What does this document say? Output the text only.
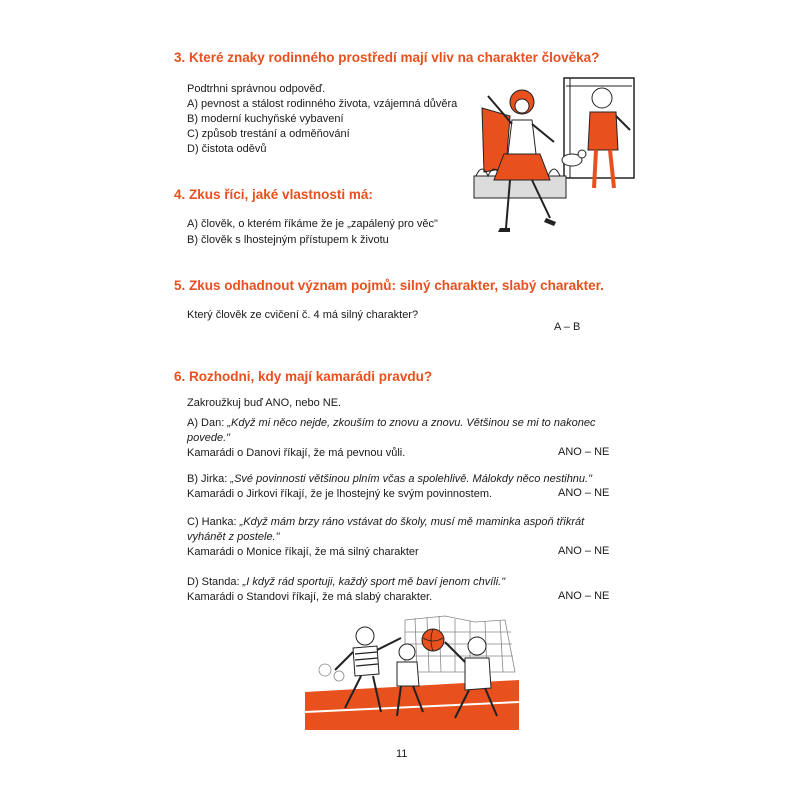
3. Které znaky rodinného prostředí mají vliv na charakter člověka?
Podtrhni správnou odpověď.
A) pevnost a stálost rodinného života, vzájemná důvěra
B) moderní kuchyňské vybavení
C) způsob trestání a odměňování
D) čistota oděvů
4. Zkus říci, jaké vlastnosti má:
A) člověk, o kterém říkáme že je „zapálený pro věc"
B) člověk s lhostejným přístupem k životu
5. Zkus odhadnout význam pojmů: silný charakter, slabý charakter.
Který člověk ze cvičení č. 4 má silný charakter?
A – B
6. Rozhodni, kdy mají kamarádi pravdu?
Zakroužkuj buď ANO, nebo NE.
A) Dan: „Když mi něco nejde, zkouším to znovu a znovu. Většinou se mi to nakonec
povede."
Kamarádi o Danovi říkají, že má pevnou vůli.	ANO – NE
B) Jirka: „Své povinnosti většinou plním včas a spolehlivě. Málokdy něco nestihnu."
Kamarádi o Jirkovi říkají, že je lhostejný ke svým povinnostem.	ANO – NE
C) Hanka: „Když mám brzy ráno vstávat do školy, musí mě maminka aspoň třikrát
vyhánět z postele."
Kamarádi o Monice říkají, že má silný charakter	ANO – NE
D) Standa: „I když rád sportuji, každý sport mě baví jenom chvíli."
Kamarádi o Standovi říkají, že má slabý charakter.	ANO – NE
11
